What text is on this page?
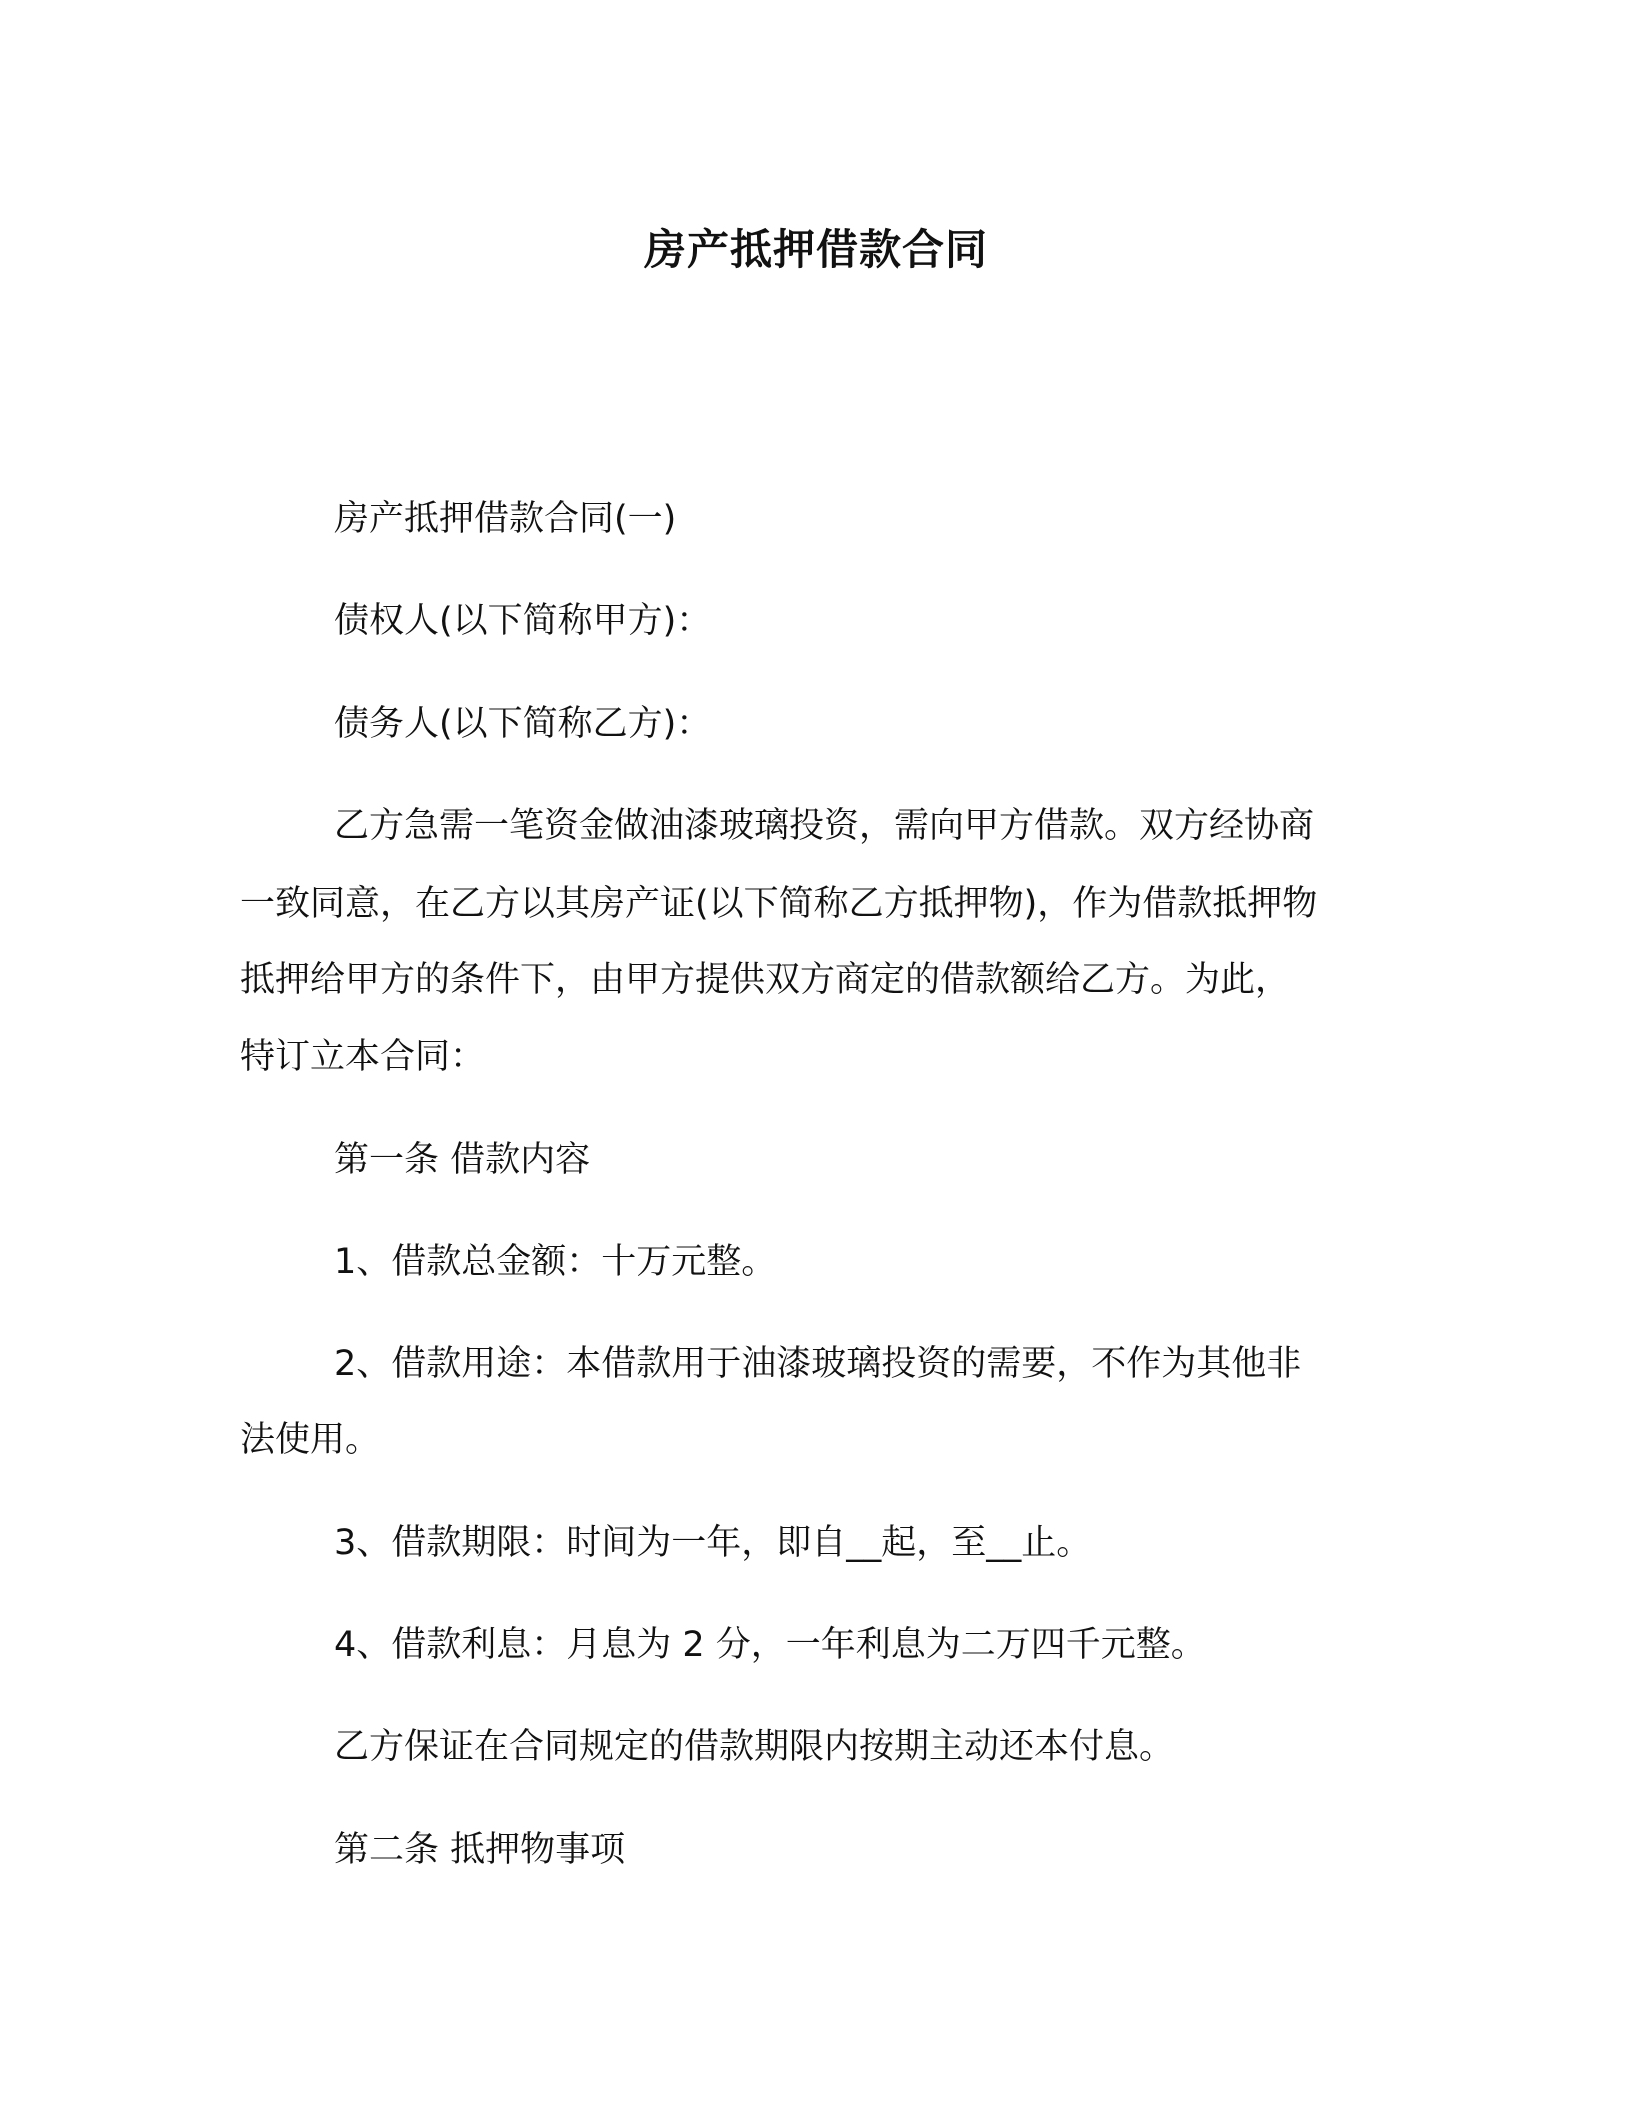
房产抵押借款合同
房产抵押借款合同(一)
债权人(以下简称甲方)：
债务人(以下简称乙方)：
乙方急需一笔资金做油漆玻璃投资，需向甲方借款。双方经协商
一致同意，在乙方以其房产证(以下简称乙方抵押物)，作为借款抵押物
抵押给甲方的条件下，由甲方提供双方商定的借款额给乙方。为此，
特订立本合同：
第一条 借款内容
1、借款总金额：十万元整。
2、借款用途：本借款用于油漆玻璃投资的需要，不作为其他非
法使用。
3、借款期限：时间为一年，即自__起，至__止。
4、借款利息：月息为 2 分，一年利息为二万四千元整。
乙方保证在合同规定的借款期限内按期主动还本付息。
第二条 抵押物事项
